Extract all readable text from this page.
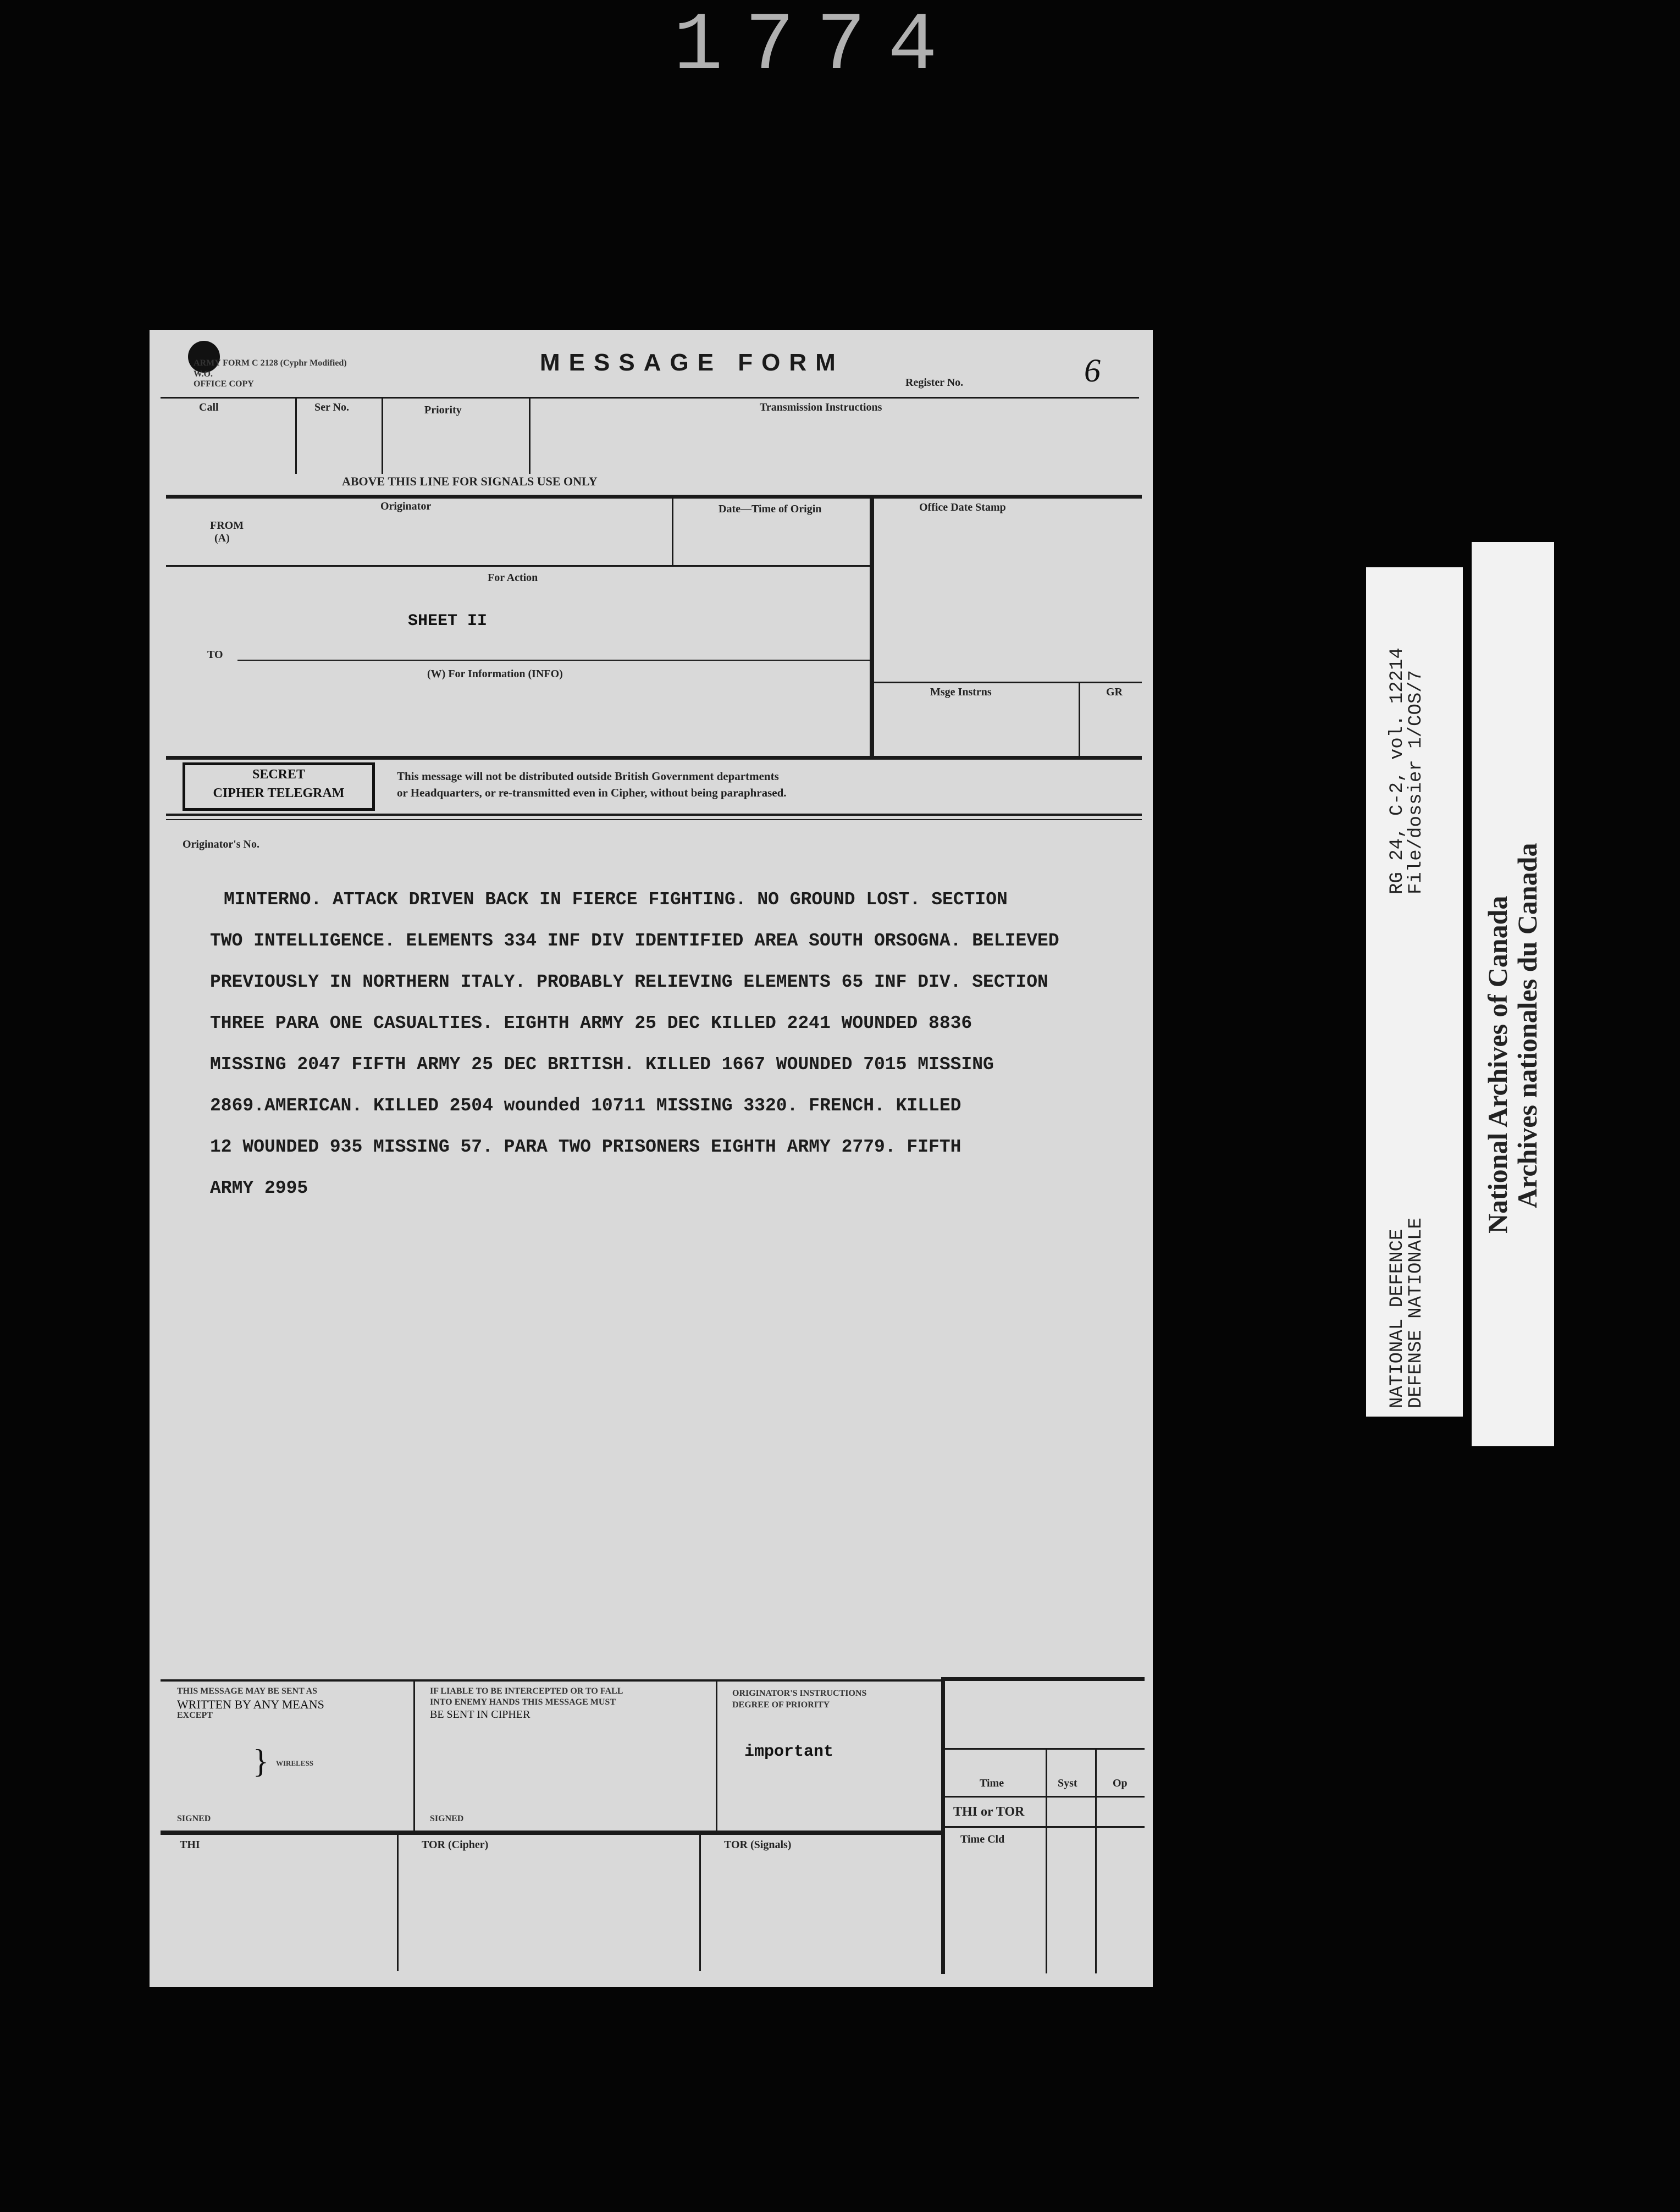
1774
ARMY FORM C 2128 (Cyphr Modified)
W.O.
OFFICE COPY
MESSAGE FORM
Register No.	6
Call	Ser No.	Priority	Transmission Instructions
ABOVE THIS LINE FOR SIGNALS USE ONLY
Originator	Date—Time of Origin	Office Date Stamp
FROM
(A)
For Action
SHEET II
TO
(W) For Information (INFO)
Msge Instrns	GR
SECRET
CIPHER TELEGRAM
This message will not be distributed outside British Government departments
or Headquarters, or re-transmitted even in Cipher, without being paraphrased.
Originator's No.
MINTERNO. ATTACK DRIVEN BACK IN FIERCE FIGHTING. NO GROUND LOST. SECTION
TWO INTELLIGENCE. ELEMENTS 334 INF DIV IDENTIFIED AREA SOUTH ORSOGNA. BELIEVED
PREVIOUSLY IN NORTHERN ITALY. PROBABLY RELIEVING ELEMENTS 65 INF DIV. SECTION
THREE PARA ONE CASUALTIES. EIGHTH ARMY 25 DEC KILLED 2241 WOUNDED 8836
MISSING 2047 FIFTH ARMY 25 DEC BRITISH. KILLED 1667 WOUNDED 7015 MISSING
2869.AMERICAN. KILLED 2504 wounded 10711 MISSING 3320. FRENCH. KILLED
12 WOUNDED 935 MISSING 57. PARA TWO PRISONERS EIGHTH ARMY 2779. FIFTH
ARMY 2995
THIS MESSAGE MAY BE SENT AS
WRITTEN BY ANY MEANS
EXCEPT
} WIRELESS
IF LIABLE TO BE INTERCEPTED OR TO FALL
INTO ENEMY HANDS THIS MESSAGE MUST
BE SENT IN CIPHER
ORIGINATOR'S INSTRUCTIONS
DEGREE OF PRIORITY
important
SIGNED	SIGNED
THI	TOR (Cipher)	TOR (Signals)
Time	Syst	Op
THI or TOR
Time Cld
NATIONAL DEFENCE
DEFENSE NATIONALE
RG 24, C-2, vol. 12214
File/dossier 1/COS/7
National Archives of Canada
Archives nationales du Canada
